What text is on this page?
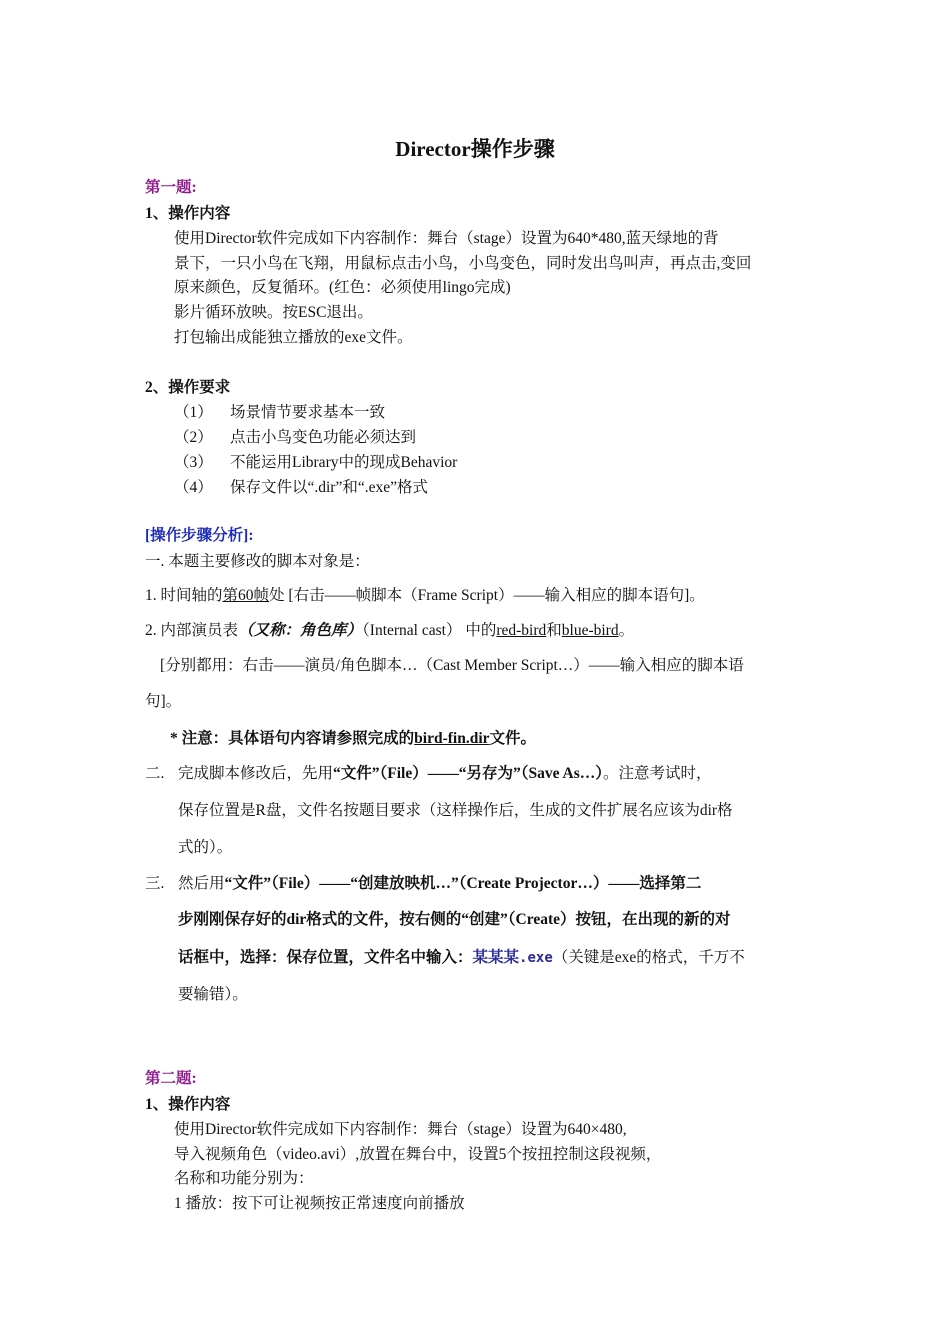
Director操作步骤
第一题:
1、操作内容
使用Director软件完成如下内容制作：舞台（stage）设置为640*480,蓝天绿地的背
景下，一只小鸟在飞翔，用鼠标点击小鸟，小鸟变色，同时发出鸟叫声，再点击,变回
原来颜色，反复循环。(红色：必须使用lingo完成)
影片循环放映。按ESC退出。
打包输出成能独立播放的exe文件。
2、操作要求
（1） 场景情节要求基本一致
（2） 点击小鸟变色功能必须达到
（3） 不能运用Library中的现成Behavior
（4） 保存文件以“.dir”和“.exe”格式
[操作步骤分析]:
一. 本题主要修改的脚本对象是：
1. 时间轴的第60帧处 [右击——帧脚本（Frame Script）——输入相应的脚本语句]。
2. 内部演员表（又称：角色库）（Internal cast） 中的red-bird和blue-bird。
[分别都用：右击——演员/角色脚本…（Cast Member Script…）——输入相应的脚本语
句]。
* 注意：具体语句内容请参照完成的bird-fin.dir文件。
二. 完成脚本修改后，先用“文件”（File）——“另存为”（Save As…）。注意考试时，
保存位置是R盘，文件名按题目要求（这样操作后，生成的文件扩展名应该为dir格
式的）。
三. 然后用“文件”（File）——“创建放映机…”（Create Projector…）——选择第二
步刚刚保存好的dir格式的文件，按右侧的“创建”（Create）按钮，在出现的新的对
话框中，选择：保存位置，文件名中输入：某某某.exe（关键是exe的格式，千万不
要输错）。
第二题:
1、操作内容
使用Director软件完成如下内容制作：舞台（stage）设置为640×480,
导入视频角色（video.avi）,放置在舞台中，设置5个按扭控制这段视频，
名称和功能分别为：
1 播放：按下可让视频按正常速度向前播放
